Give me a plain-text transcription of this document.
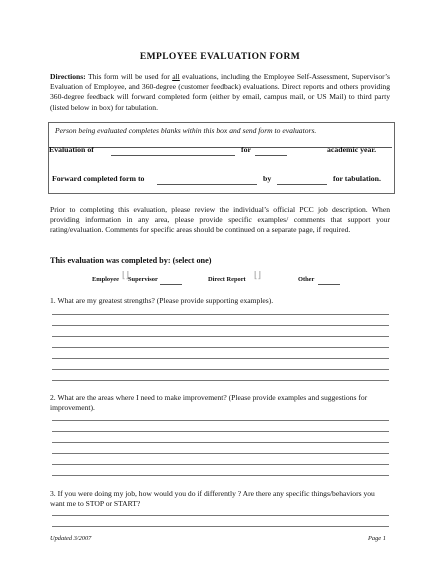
EMPLOYEE EVALUATION FORM
Directions: This form will be used for all evaluations, including the Employee Self-Assessment, Supervisor’s Evaluation of Employee, and 360-degree (customer feedback) evaluations. Direct reports and others providing 360-degree feedback will forward completed form (either by email, campus mail, or US Mail) to third party (listed below in box) for tabulation.
Person being evaluated completes blanks within this box and send form to evaluators.
Evaluation of	for	academic year.
Forward completed form to	by	for tabulation.
Prior to completing this evaluation, please review the individual’s official PCC job description. When providing information in any area, please provide specific examples/ comments that support your rating/evaluation. Comments for specific areas should be continued on a separate page, if required.
This evaluation was completed by: (select one)
Employee ⌊⌋
Supervisor	Direct Report ⌊⌋	Other
1. What are my greatest strengths? (Please provide supporting examples).
2. What are the areas where I need to make improvement? (Please provide examples and suggestions for improvement).
3. If you were doing my job, how would you do if differently ? Are there any specific things/behaviors you want me to STOP or START?
Updated 3/2007	Page 1
